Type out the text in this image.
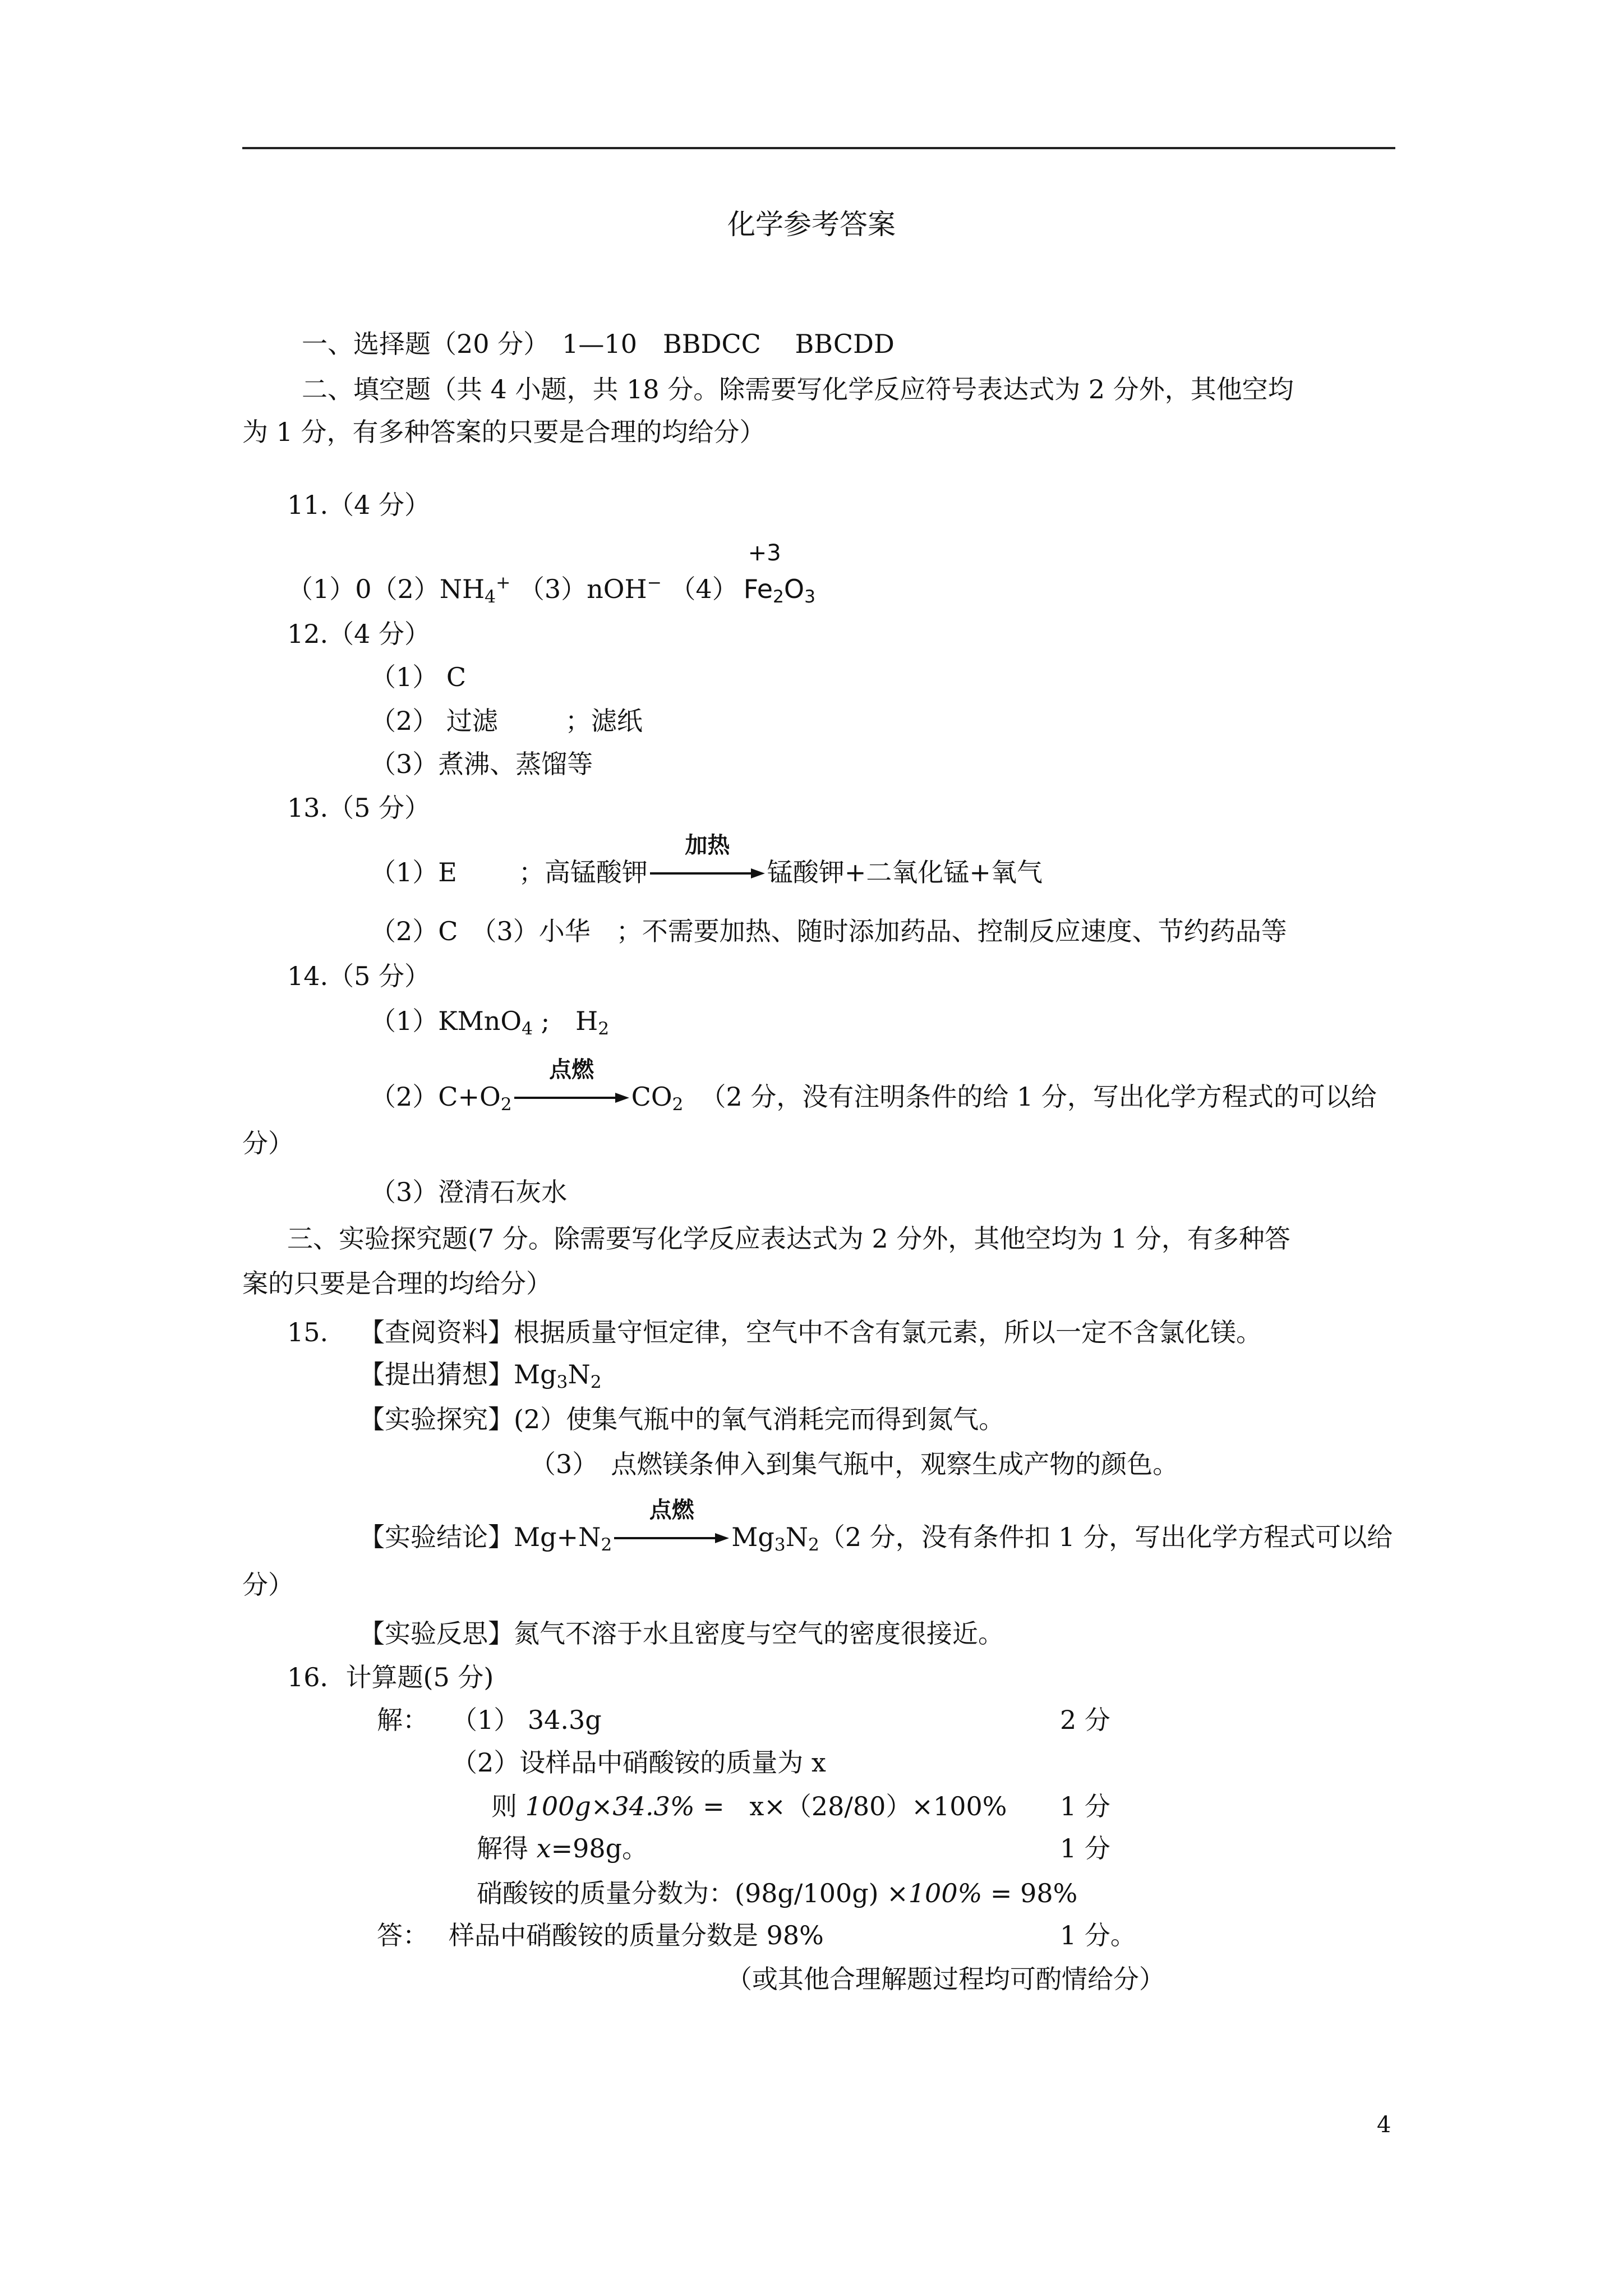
化学参考答案
一、选择题（20 分）　1—10　BBDCC　 BBCDD
二、填空题（共 4 小题，共 18 分。除需要写化学反应符号表达式为 2 分外，其他空均
为 1 分，有多种答案的只要是合理的均给分）
11.（4 分）
$(1)0(2)NH_4^+$ （3）nOH− （4）
+3
$Fe_2O_3$
12.（4 分）
（1） C
（2） 过滤	；滤纸
（3）煮沸、蒸馏等
13.（5 分）
（1）E ；高锰酸钾
加热
锰酸钾+二氧化锰+氧气
（2）C　（3）小华　；不需要加热、随时添加药品、控制反应速度、节约药品等
14.（5 分）
（1）KMnO$_4$ ;　$H_2$
$(2)C+O_2$
点燃
$CO_2$ （2 分，没有注明条件的给 1 分，写出化学方程式的可以给
分）
（3）澄清石灰水
三、实验探究题(7 分。除需要写化学反应表达式为 2 分外，其他空均为 1 分，有多种答
案的只要是合理的均给分）
15. 【查阅资料】根据质量守恒定律，空气中不含有氯元素，所以一定不含氯化镁。
【提出猜想】$Mg_3N_2$
【实验探究】(2）使集气瓶中的氧气消耗完而得到氮气。
（3）　点燃镁条伸入到集气瓶中，观察生成产物的颜色。
【实验结论】$Mg+N_2$
点燃
$Mg_3N_2(2$ 分，没有条件扣 1 分，写出化学方程式可以给
分）
【实验反思】氮气不溶于水且密度与空气的密度很接近。
16．计算题(5 分)
解： （1） 34.3g	2 分
（2）设样品中硝酸铵的质量为 x
则 100g×34.3% = x×（28/80）×100% 1 分
解得 x=98g。	1 分
硝酸铵的质量分数为：(98g/100g) ×100% = 98%
答： 样品中硝酸铵的质量分数是 98%	1 分。
（或其他合理解题过程均可酌情给分）
4
